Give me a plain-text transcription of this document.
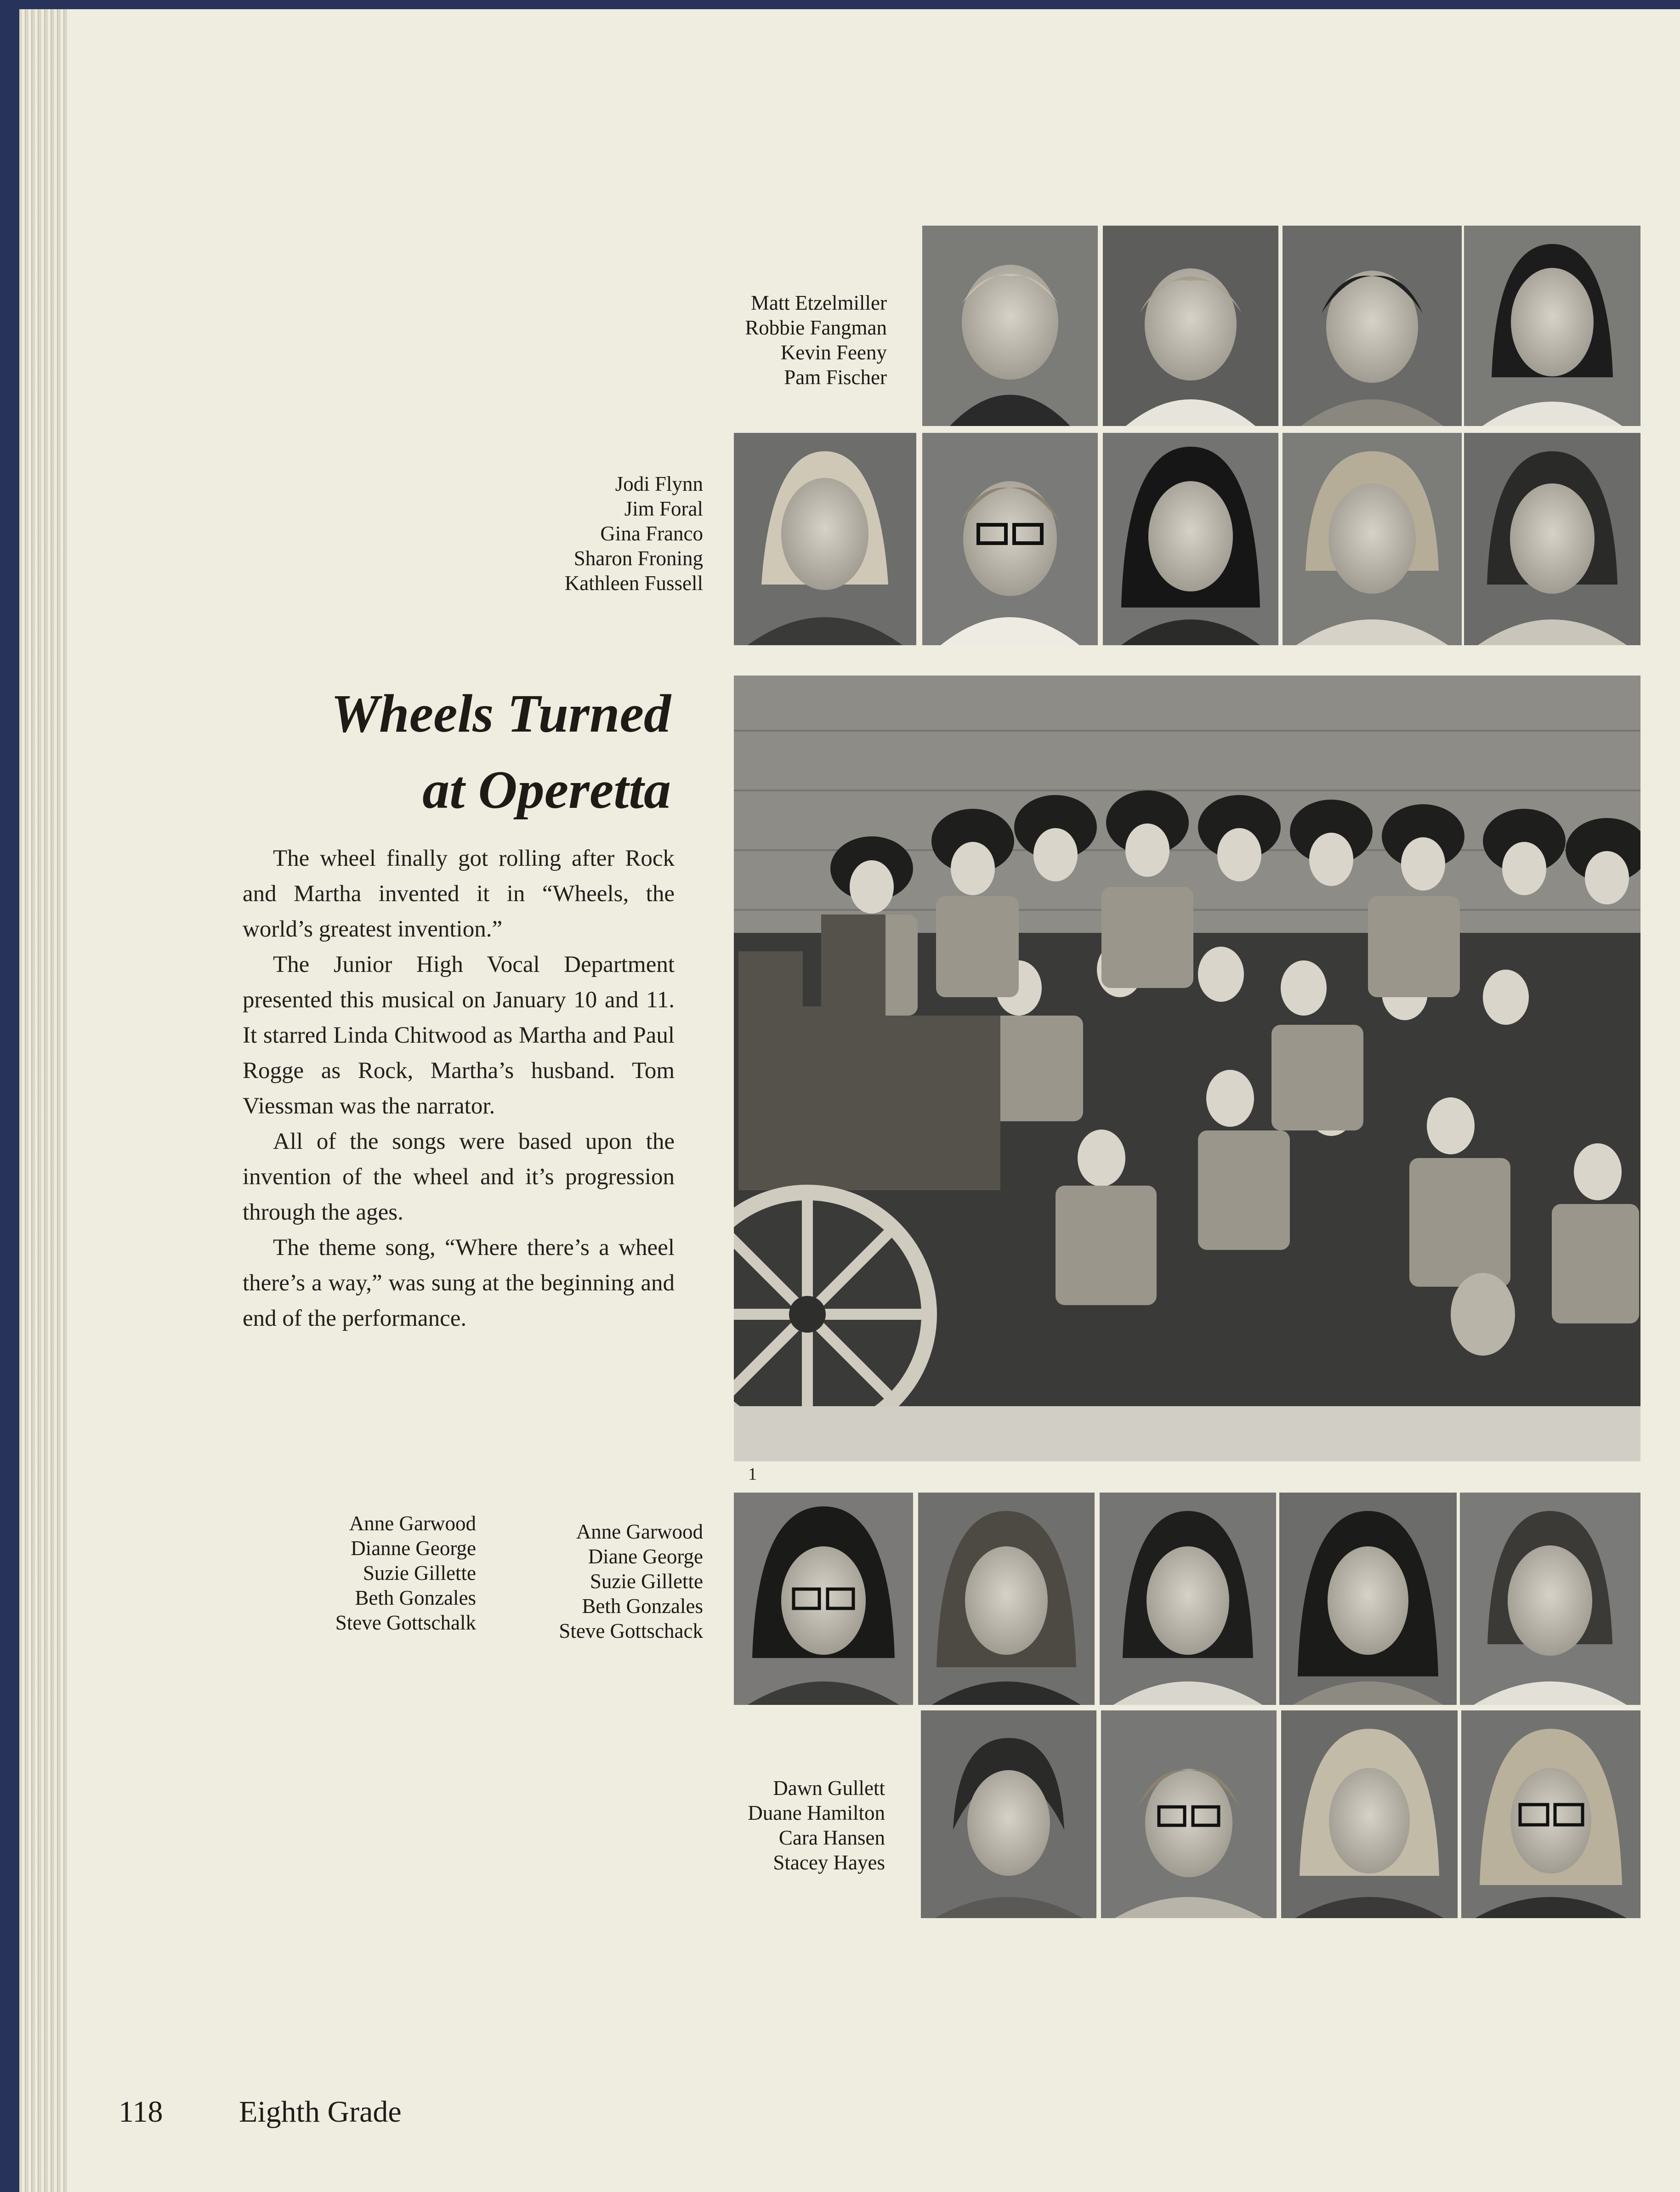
Matt Etzelmiller
Robbie Fangman
Kevin Feeny
Pam Fischer
Jodi Flynn
Jim Foral
Gina Franco
Sharon Froning
Kathleen Fussell
Wheels Turned
at Operetta

The wheel finally got rolling after Rock and Martha invented it in “Wheels, the world’s greatest invention.”

The Junior High Vocal Department presented this musical on January 10 and 11. It starred Linda Chitwood as Martha and Paul Rogge as Rock, Martha’s husband. Tom Viessman was the narrator.

All of the songs were based upon the invention of the wheel and it’s progression through the ages.

The theme song, “Where there’s a wheel there’s a way,” was sung at the beginning and end of the performance.

1
Anne Garwood
Dianne George
Suzie Gillette
Beth Gonzales
Steve Gottschalk
Anne Garwood
Diane George
Suzie Gillette
Beth Gonzales
Steve Gottschack
Dawn Gullett
Duane Hamilton
Cara Hansen
Stacey Hayes
118	Eighth Grade
